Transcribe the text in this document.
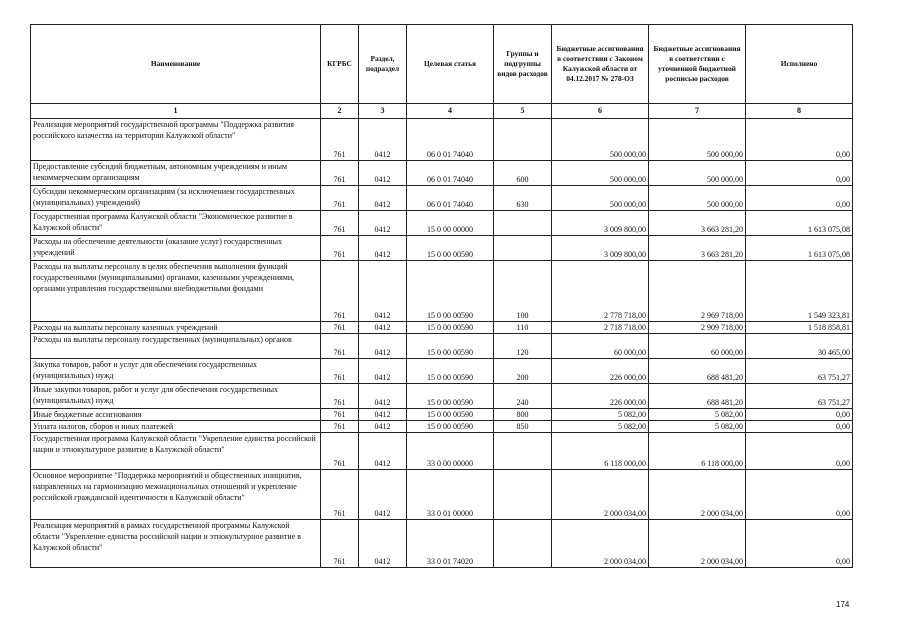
Наименование	КГРБС	Раздел, подраздел	Целевая статья	Группы и подгруппы видов расходов	Бюджетные ассигнования в соответствии с Законом Калужской области от 04.12.2017 № 278-ОЗ	Бюджетные ассигнования в соответствии с уточненной бюджетной росписью расходов	Исполнено
1	2	3	4	5	6	7	8
Реализация мероприятий государственной программы "Поддержка развития российского казачества на территории Калужской области"	761	0412	06 0 01 74040		500 000,00	500 000,00	0,00
Предоставление субсидий бюджетным, автономным учреждениям и иным некоммерческим организациям	761	0412	06 0 01 74040	600	500 000,00	500 000,00	0,00
Субсидии некоммерческим организациям (за исключением государственных (муниципальных) учреждений)	761	0412	06 0 01 74040	630	500 000,00	500 000,00	0,00
Государственная программа Калужской области "Экономическое развитие в Калужской области"	761	0412	15 0 00 00000		3 009 800,00	3 663 281,20	1 613 075,08
Расходы на обеспечение деятельности (оказание услуг) государственных учреждений	761	0412	15 0 00 00590		3 009 800,00	3 663 281,20	1 613 075,08
Расходы на выплаты персоналу в целях обеспечения выполнения функций государственными (муниципальными) органами, казенными учреждениями, органами управления государственными внебюджетными фондами	761	0412	15 0 00 00590	100	2 778 718,00	2 969 718,00	1 549 323,81
Расходы на выплаты персоналу казенных учреждений	761	0412	15 0 00 00590	110	2 718 718,00	2 909 718,00	1 518 858,81
Расходы на выплаты персоналу государственных (муниципальных) органов	761	0412	15 0 00 00590	120	60 000,00	60 000,00	30 465,00
Закупка товаров, работ и услуг для обеспечения государственных (муниципальных) нужд	761	0412	15 0 00 00590	200	226 000,00	688 481,20	63 751,27
Иные закупки товаров, работ и услуг для обеспечения государственных (муниципальных) нужд	761	0412	15 0 00 00590	240	226 000,00	688 481,20	63 751,27
Иные бюджетные ассигнования	761	0412	15 0 00 00590	800	5 082,00	5 082,00	0,00
Уплата налогов, сборов и иных платежей	761	0412	15 0 00 00590	850	5 082,00	5 082,00	0,00
Государственная программа Калужской области "Укрепление единства российской нации и этнокультурное развитие в Калужской области"	761	0412	33 0 00 00000		6 118 000,00	6 118 000,00	0,00
Основное мероприятие "Поддержка мероприятий и общественных инициатив, направленных на гармонизацию межнациональных отношений и укрепление российской гражданской идентичности в Калужской области"	761	0412	33 0 01 00000		2 000 034,00	2 000 034,00	0,00
Реализация мероприятий в рамках государственной программы Калужской области "Укрепление единства российской нации и этнокультурное развитие в Калужской области"	761	0412	33 0 01 74020		2 000 034,00	2 000 034,00	0,00
174
